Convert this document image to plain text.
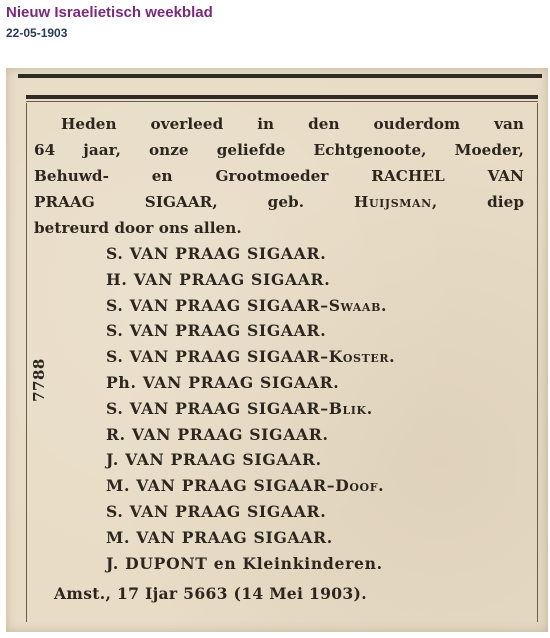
Nieuw Israelietisch weekblad
22-05-1903
7788
Heden overleed in den ouderdom van
64 jaar, onze geliefde Echtgenoote, Moeder,
Behuwd- en Grootmoeder RACHEL VAN
PRAAG SIGAAR, geb. Huijsman, diep
betreurd door ons allen.
S. VAN PRAAG SIGAAR.
H. VAN PRAAG SIGAAR.
S. VAN PRAAG SIGAAR–Swaab.
S. VAN PRAAG SIGAAR.
S. VAN PRAAG SIGAAR–Koster.
Ph. VAN PRAAG SIGAAR.
S. VAN PRAAG SIGAAR–Blik.
R. VAN PRAAG SIGAAR.
J. VAN PRAAG SIGAAR.
M. VAN PRAAG SIGAAR–Doof.
S. VAN PRAAG SIGAAR.
M. VAN PRAAG SIGAAR.
J. DUPONT en Kleinkinderen.
Amst., 17 Ijar 5663 (14 Mei 1903).
